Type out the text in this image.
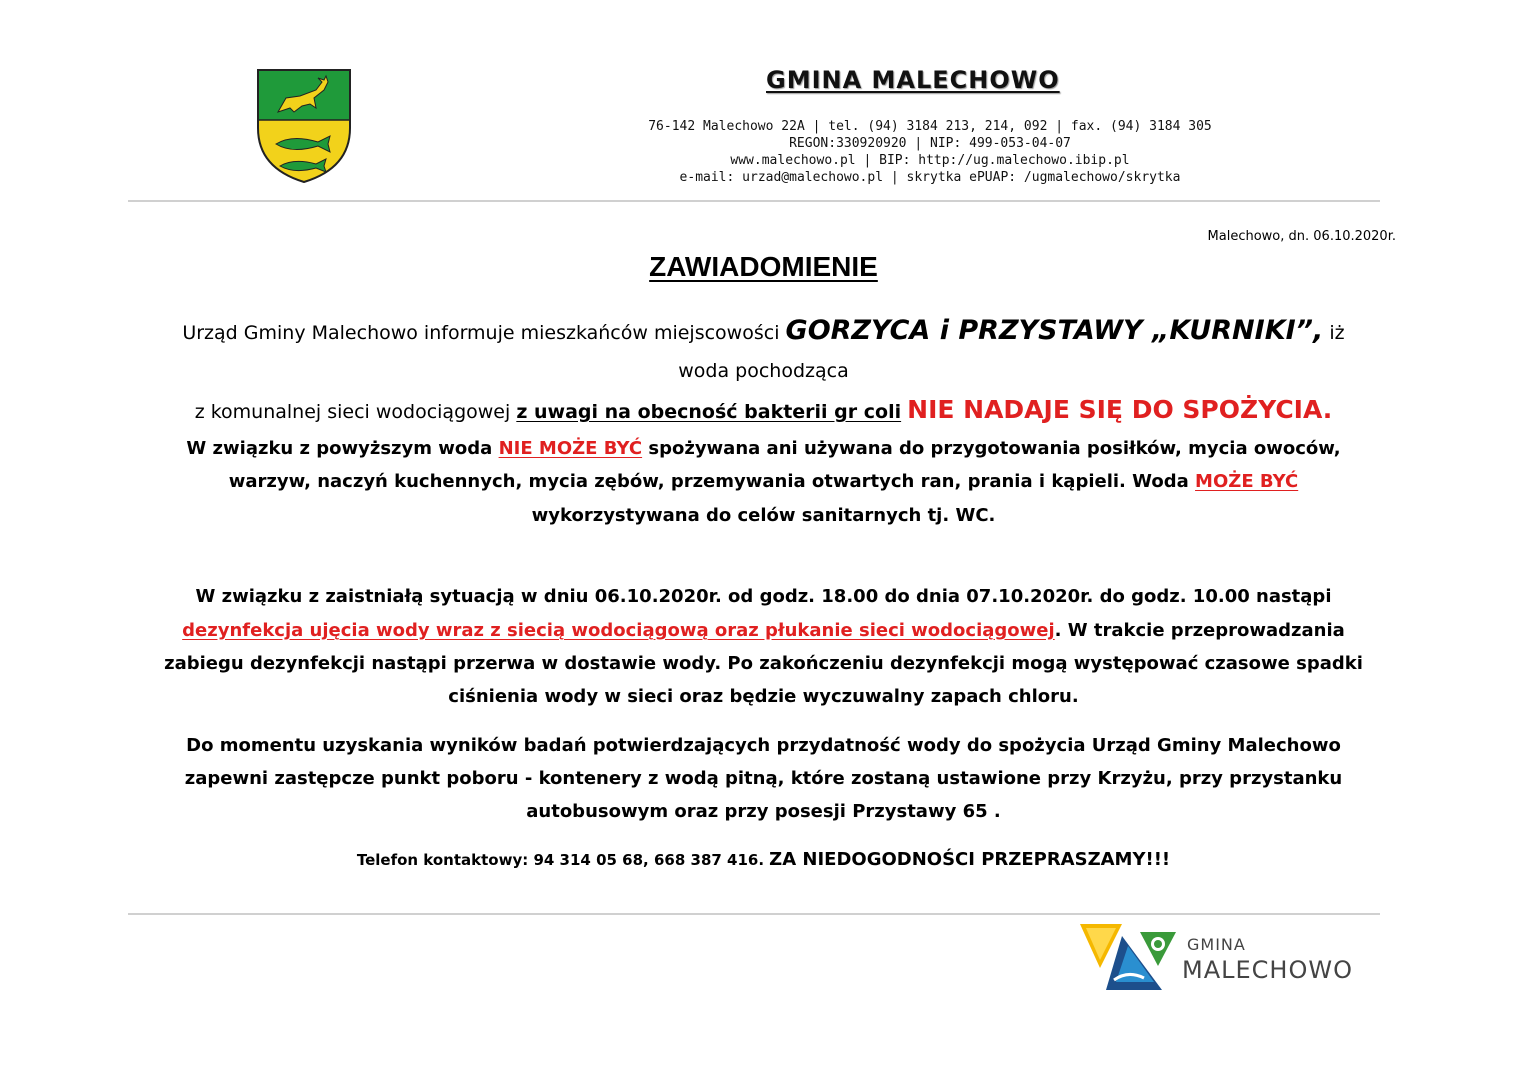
GMINA MALECHOWO
76-142 Malechowo 22A | tel. (94) 3184 213, 214, 092 | fax. (94) 3184 305
REGON:330920920 | NIP: 499-053-04-07
www.malechowo.pl | BIP: http://ug.malechowo.ibip.pl
e-mail: urzad@malechowo.pl | skrytka ePUAP: /ugmalechowo/skrytka
Malechowo, dn. 06.10.2020r.
ZAWIADOMIENIE
Urząd Gminy Malechowo informuje mieszkańców miejscowości GORZYCA i PRZYSTAWY „KURNIKI”, iż
woda pochodząca
z komunalnej sieci wodociągowej z uwagi na obecność bakterii gr coli NIE NADAJE SIĘ DO SPOŻYCIA.
W związku z powyższym woda NIE MOŻE BYĆ spożywana ani używana do przygotowania posiłków, mycia owoców,
warzyw, naczyń kuchennych, mycia zębów, przemywania otwartych ran, prania i kąpieli. Woda MOŻE BYĆ
wykorzystywana do celów sanitarnych tj. WC.
W związku z zaistniałą sytuacją w dniu 06.10.2020r. od godz. 18.00 do dnia 07.10.2020r. do godz. 10.00 nastąpi
dezynfekcja ujęcia wody wraz z siecią wodociągową oraz płukanie sieci wodociągowej. W trakcie przeprowadzania
zabiegu dezynfekcji nastąpi przerwa w dostawie wody. Po zakończeniu dezynfekcji mogą występować czasowe spadki
ciśnienia wody w sieci oraz będzie wyczuwalny zapach chloru.
Do momentu uzyskania wyników badań potwierdzających przydatność wody do spożycia Urząd Gminy Malechowo
zapewni zastępcze punkt poboru - kontenery z wodą pitną, które zostaną ustawione przy Krzyżu, przy przystanku
autobusowym oraz przy posesji Przystawy 65 .
Telefon kontaktowy: 94 314 05 68, 668 387 416. ZA NIEDOGODNOŚCI PRZEPRASZAMY!!!
GMINA
MALECHOWO
